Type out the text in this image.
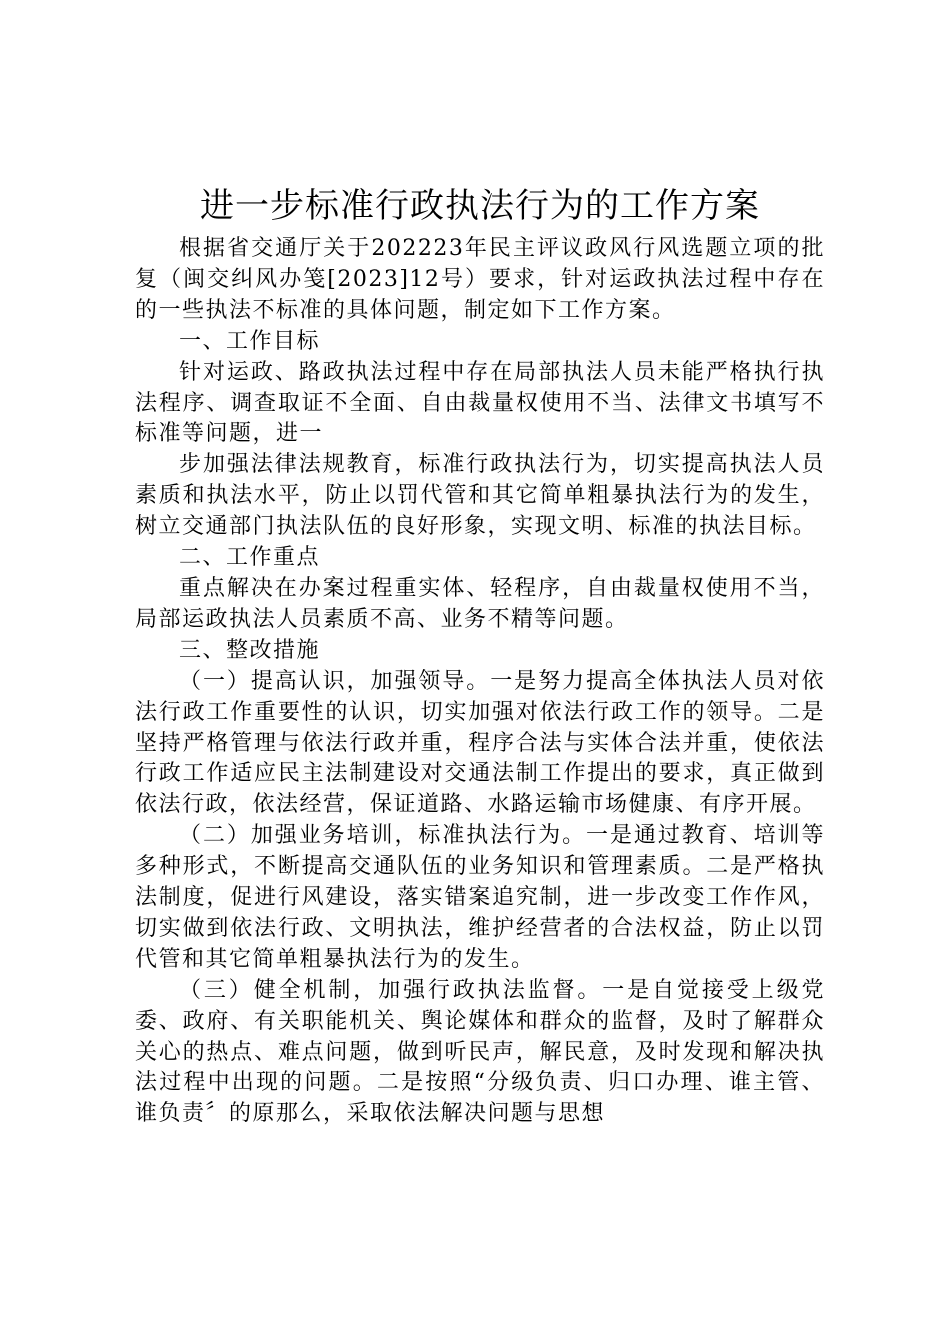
进一步标准行政执法行为的工作方案

根据省交通厅关于202223年民主评议政风行风选题立项的批复（闽交纠风办笺[2023]12号）要求，针对运政执法过程中存在的一些执法不标准的具体问题，制定如下工作方案。

一、工作目标

针对运政、路政执法过程中存在局部执法人员未能严格执行执法程序、调查取证不全面、自由裁量权使用不当、法律文书填写不标准等问题，进一

步加强法律法规教育，标准行政执法行为，切实提高执法人员素质和执法水平，防止以罚代管和其它简单粗暴执法行为的发生，树立交通部门执法队伍的良好形象，实现文明、标准的执法目标。

二、工作重点

重点解决在办案过程重实体、轻程序，自由裁量权使用不当，局部运政执法人员素质不高、业务不精等问题。

三、整改措施

（一）提高认识，加强领导。一是努力提高全体执法人员对依法行政工作重要性的认识，切实加强对依法行政工作的领导。二是坚持严格管理与依法行政并重，程序合法与实体合法并重，使依法行政工作适应民主法制建设对交通法制工作提出的要求，真正做到依法行政，依法经营，保证道路、水路运输市场健康、有序开展。

（二）加强业务培训，标准执法行为。一是通过教育、培训等多种形式，不断提高交通队伍的业务知识和管理素质。二是严格执法制度，促进行风建设，落实错案追究制，进一步改变工作作风，切实做到依法行政、文明执法，维护经营者的合法权益，防止以罚代管和其它简单粗暴执法行为的发生。

（三）健全机制，加强行政执法监督。一是自觉接受上级党委、政府、有关职能机关、舆论媒体和群众的监督，及时了解群众关心的热点、难点问题，做到听民声，解民意，及时发现和解决执法过程中出现的问题。二是按照“分级负责、归口办理、谁主管、谁负责〞的原那么，采取依法解决问题与思想
